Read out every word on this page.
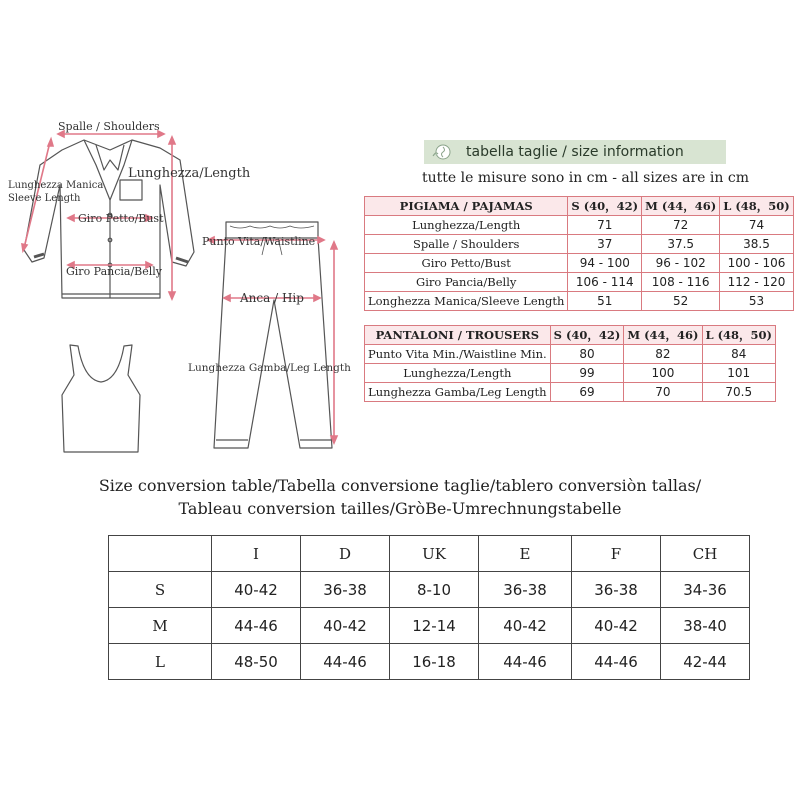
Spalle / Shoulders
Lunghezza Manica
Sleeve Length
Lunghezza/Length
Giro Petto/Bust
Giro Pancia/Belly
Punto Vita/Waistline
Anca / Hip
Lunghezza Gamba/Leg Length
tabella taglie / size information
tutte le misure sono in cm - all sizes are in cm
PIGIAMA / PAJAMAS	S (40，42)	M (44，46)	L (48，50)
Lunghezza/Length	71	72	74
Spalle / Shoulders	37	37.5	38.5
Giro Petto/Bust	94 - 100	96 - 102	100 - 106
Giro Pancia/Belly	106 - 114	108 - 116	112 - 120
Longhezza Manica/Sleeve Length	51	52	53
PANTALONI / TROUSERS	S (40，42)	M (44，46)	L (48，50)
Punto Vita Min./Waistline Min.	80	82	84
Lunghezza/Length	99	100	101
Lunghezza Gamba/Leg Length	69	70	70.5
Size conversion table/Tabella conversione taglie/tablero conversiòn tallas/
Tableau conversion tailles/GròBe-Umrechnungstabelle
	I	D	UK	E	F	CH
S	40-42	36-38	8-10	36-38	36-38	34-36
M	44-46	40-42	12-14	40-42	40-42	38-40
L	48-50	44-46	16-18	44-46	44-46	42-44
